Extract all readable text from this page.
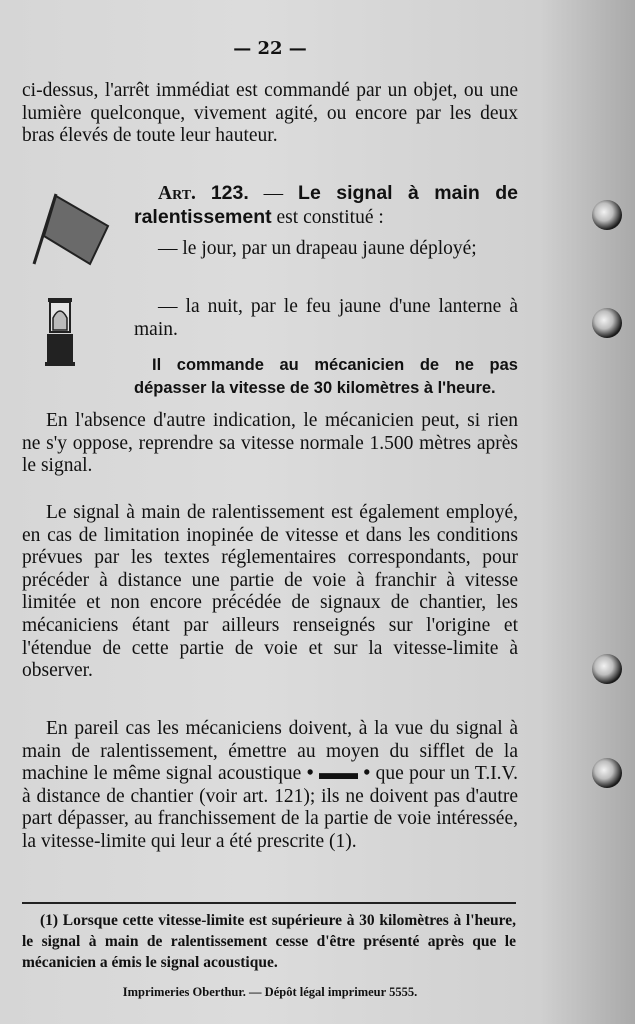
— 22 —

ci-dessus, l'arrêt immédiat est commandé par un objet, ou une lumière quelconque, vivement agité, ou encore par les deux bras élevés de toute leur hauteur.

Art. 123. — Le signal à main de ralentissement est constitué :

— le jour, par un drapeau jaune déployé;

— la nuit, par le feu jaune d'une lanterne à main.

Il commande au mécanicien de ne pas dépasser la vitesse de 30 kilomètres à l'heure.

En l'absence d'autre indication, le mécanicien peut, si rien ne s'y oppose, reprendre sa vitesse normale 1.500 mètres après le signal.

Le signal à main de ralentissement est également employé, en cas de limitation inopinée de vitesse et dans les conditions prévues par les textes réglementaires correspondants, pour précéder à distance une partie de voie à franchir à vitesse limitée et non encore précédée de signaux de chantier, les mécaniciens étant par ailleurs renseignés sur l'origine et l'étendue de cette partie de voie et sur la vitesse-limite à observer.

En pareil cas les mécaniciens doivent, à la vue du signal à main de ralentissement, émettre au moyen du sifflet de la machine le même signal acoustique • ▬▬ • que pour un T.I.V. à distance de chantier (voir art. 121); ils ne doivent pas d'autre part dépasser, au franchissement de la partie de voie intéressée, la vitesse-limite qui leur a été prescrite (1).

(1) Lorsque cette vitesse-limite est supérieure à 30 kilomètres à l'heure, le signal à main de ralentissement cesse d'être présenté après que le mécanicien a émis le signal acoustique.

Imprimeries Oberthur. — Dépôt légal imprimeur 5555.
